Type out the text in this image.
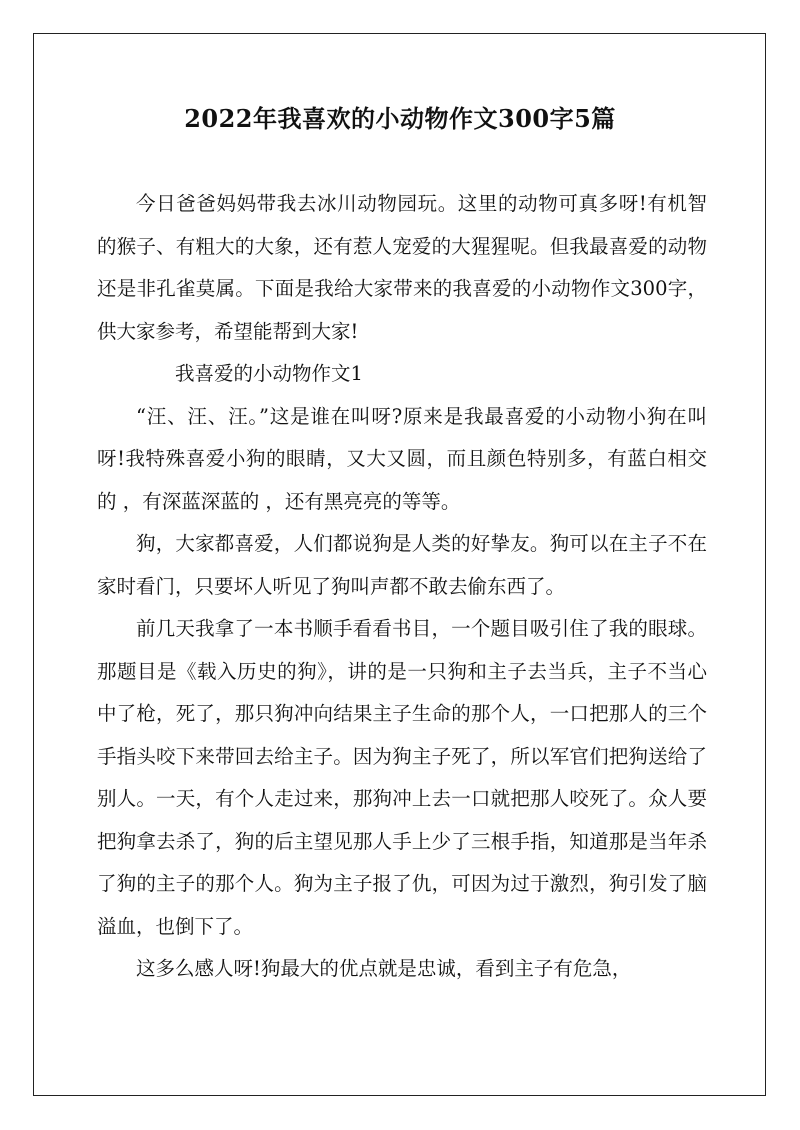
2022年我喜欢的小动物作文300字5篇

今日爸爸妈妈带我去冰川动物园玩。这里的动物可真多呀!有机智的猴子、有粗大的大象，还有惹人宠爱的大猩猩呢。但我最喜爱的动物还是非孔雀莫属。下面是我给大家带来的我喜爱的小动物作文300字，供大家参考，希望能帮到大家!

我喜爱的小动物作文1

“汪、汪、汪。”这是谁在叫呀?原来是我最喜爱的小动物小狗在叫呀!我特殊喜爱小狗的眼睛，又大又圆，而且颜色特别多，有蓝白相交的 ，有深蓝深蓝的 ，还有黑亮亮的等等。

狗，大家都喜爱，人们都说狗是人类的好挚友。狗可以在主子不在家时看门，只要坏人听见了狗叫声都不敢去偷东西了。

前几天我拿了一本书顺手看看书目，一个题目吸引住了我的眼球。那题目是《载入历史的狗》，讲的是一只狗和主子去当兵，主子不当心中了枪，死了，那只狗冲向结果主子生命的那个人，一口把那人的三个手指头咬下来带回去给主子。因为狗主子死了，所以军官们把狗送给了别人。一天，有个人走过来，那狗冲上去一口就把那人咬死了。众人要把狗拿去杀了，狗的后主望见那人手上少了三根手指，知道那是当年杀了狗的主子的那个人。狗为主子报了仇，可因为过于激烈，狗引发了脑溢血，也倒下了。

这多么感人呀!狗最大的优点就是忠诚，看到主子有危急，
